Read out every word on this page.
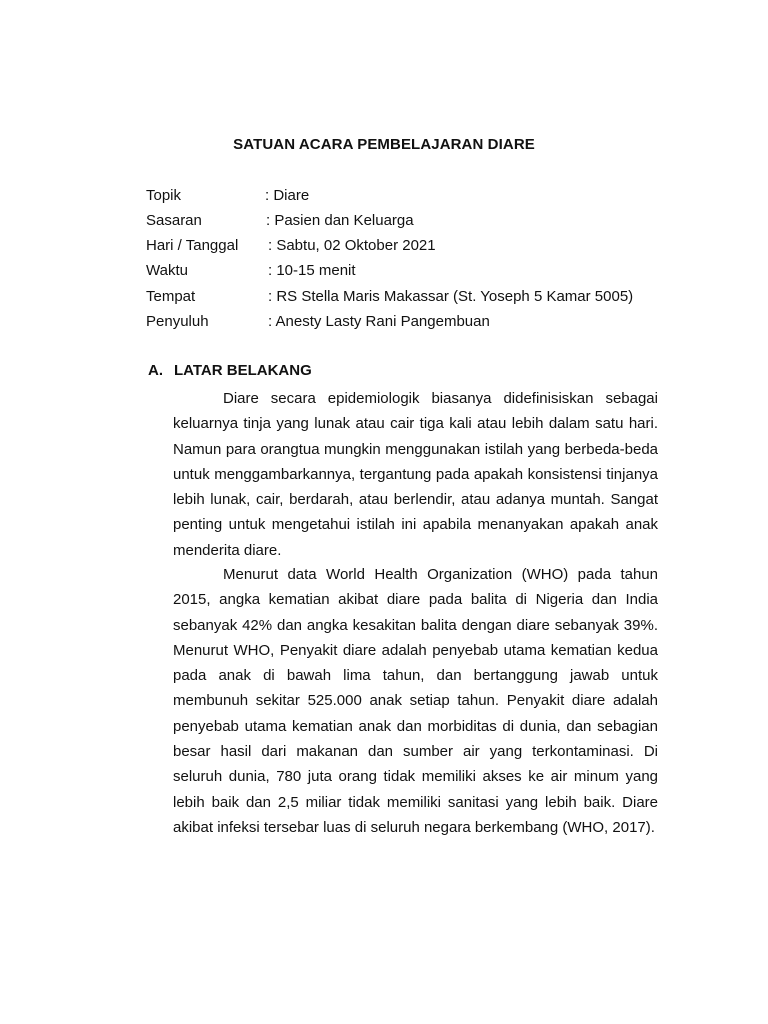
SATUAN ACARA PEMBELAJARAN DIARE
Topik	: Diare
Sasaran	: Pasien dan Keluarga
Hari / Tanggal : Sabtu, 02 Oktober 2021
Waktu	: 10-15 menit
Tempat	: RS Stella Maris Makassar (St. Yoseph 5 Kamar 5005)
Penyuluh	: Anesty Lasty Rani Pangembuan
A. LATAR BELAKANG

Diare secara epidemiologik biasanya didefinisiskan sebagai keluarnya tinja yang lunak atau cair tiga kali atau lebih dalam satu hari. Namun para orangtua mungkin menggunakan istilah yang berbeda-beda untuk menggambarkannya, tergantung pada apakah konsistensi tinjanya lebih lunak, cair, berdarah, atau berlendir, atau adanya muntah. Sangat penting untuk mengetahui istilah ini apabila menanyakan apakah anak menderita diare.

Menurut data World Health Organization (WHO) pada tahun 2015, angka kematian akibat diare pada balita di Nigeria dan India sebanyak 42% dan angka kesakitan balita dengan diare sebanyak 39%. Menurut WHO, Penyakit diare adalah penyebab utama kematian kedua pada anak di bawah lima tahun, dan bertanggung jawab untuk membunuh sekitar 525.000 anak setiap tahun. Penyakit diare adalah penyebab utama kematian anak dan morbiditas di dunia, dan sebagian besar hasil dari makanan dan sumber air yang terkontaminasi. Di seluruh dunia, 780 juta orang tidak memiliki akses ke air minum yang lebih baik dan 2,5 miliar tidak memiliki sanitasi yang lebih baik. Diare akibat infeksi tersebar luas di seluruh negara berkembang (WHO, 2017).
